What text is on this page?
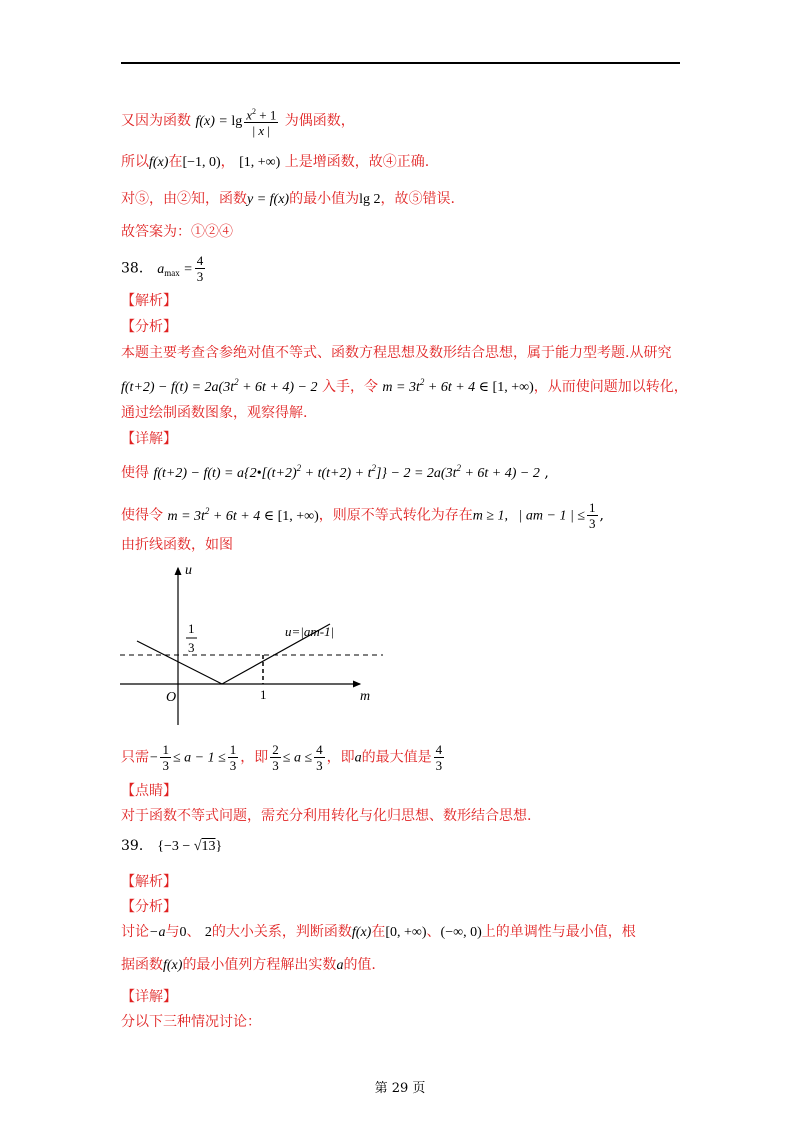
又因为函数 $f(x) = \lg \frac{x^2 + 1}{| x |}$ 为偶函数，
所以f(x)在[−1, 0)， [1, +∞) 上是增函数，故④正确.
对⑤，由②知，函数y = f(x)的最小值为lg 2，故⑤错误.
故答案为：①②④
38． $a_{max} = \frac{4}{3}$
【解析】
【分析】
本题主要考查含参绝对值不等式、函数方程思想及数形结合思想，属于能力型考题.从研究
$f(t+2) - f(t) = 2a(3t^2 + 6t + 4) - 2$ 入手，令 $m = 3t^2 + 6t + 4$ ∈ [1, +∞)，从而使问题加以转化，
通过绘制函数图象，观察得解.
【详解】
使得 $f(t+2) - f(t) = a\{2•[(t+2)^2 + t(t+2) + t^2]\} - 2 = 2a(3t^2 + 6t + 4) - 2$ ,
使得令 $m = 3t^2 + 6t + 4$ ∈ [1, +∞)，则原不等式转化为存在m ≥ 1,   | am − 1 | ≤ $\frac{1}{3}$ ,
由折线函数，如图
u
m
O	1
1
3
u=|am-1|
只需− $\frac{1}{3} \le a - 1 \le \frac{1}{3}$ ，即 $\frac{2}{3} \le a \le \frac{4}{3}$ ，即a的最大值是 $\frac{4}{3}$
【点睛】
对于函数不等式问题，需充分利用转化与化归思想、数形结合思想.
39． {−3 − √13}
【解析】
【分析】
讨论−a与0、 2的大小关系，判断函数f(x)在[0, +∞)、(−∞, 0)上的单调性与最小值，根
据函数f(x)的最小值列方程解出实数a的值.
【详解】
分以下三种情况讨论：
第 29 页
